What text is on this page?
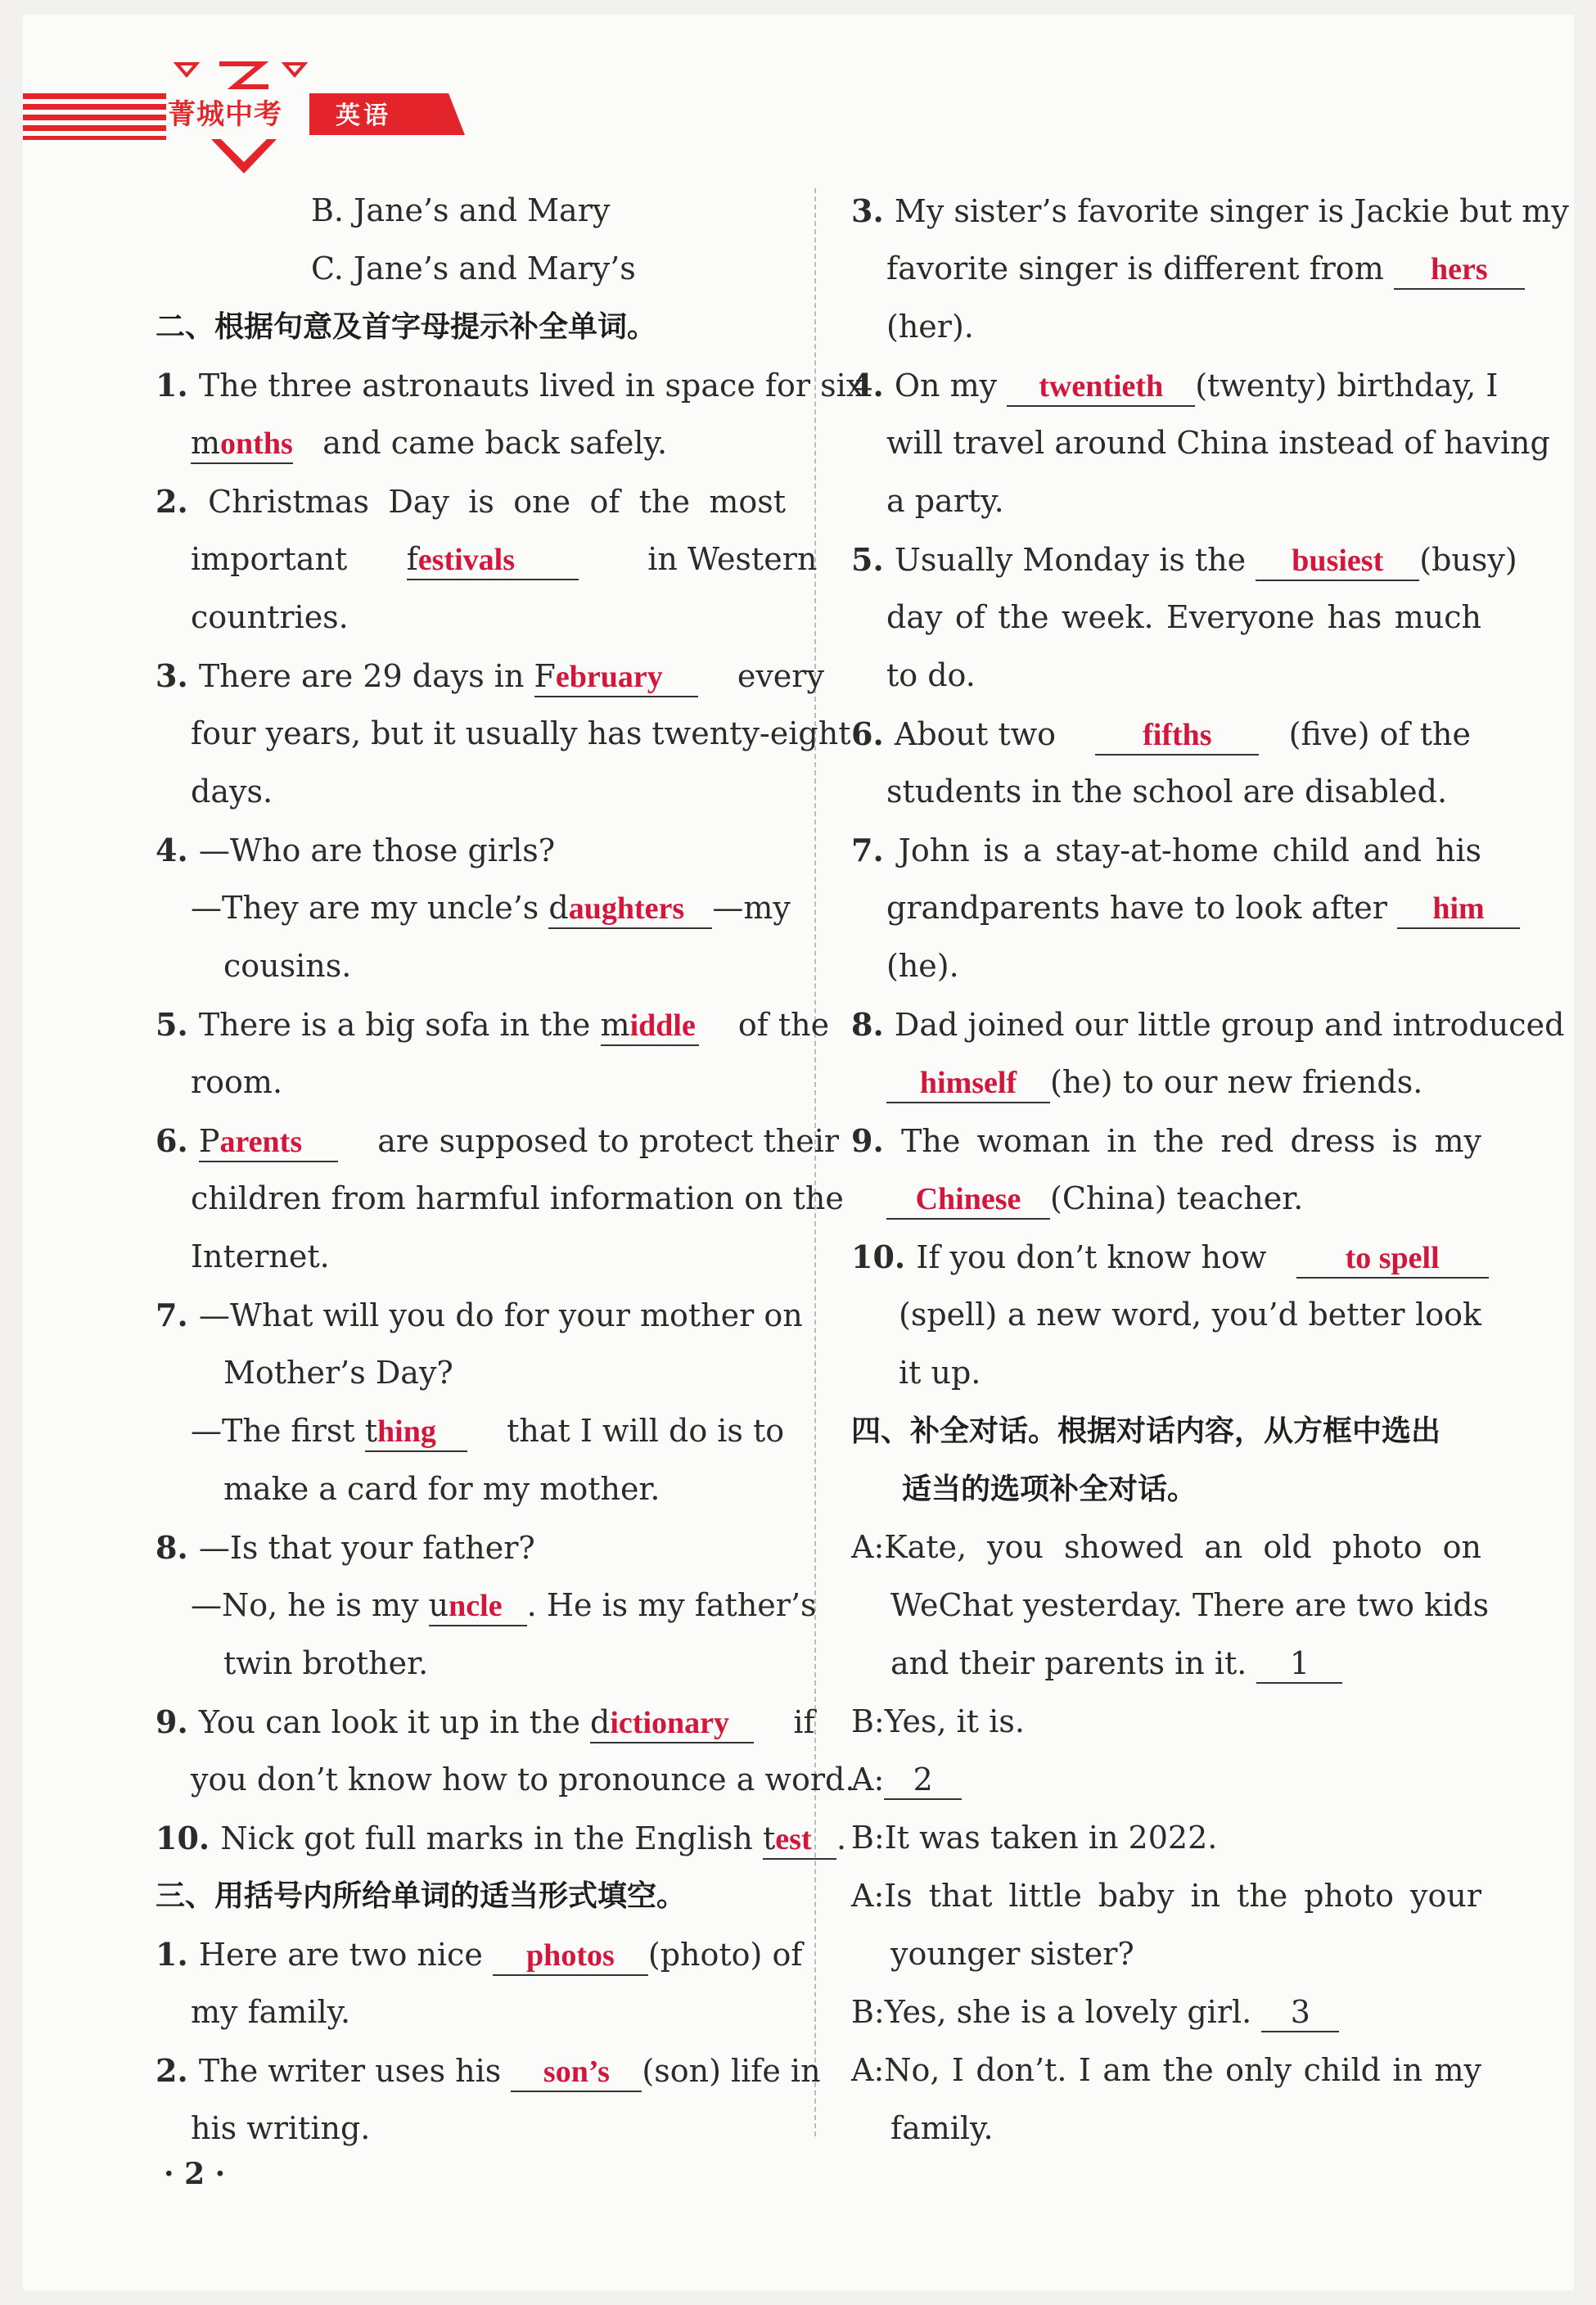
菁城中考 英语
B. Jane’s and Mary
C. Jane’s and Mary’s
二、根据句意及首字母提示补全单词。
1. The three astronauts lived in space for six
months and came back safely.
2. Christmas Day is one of the most
important festivals	in Western
countries.
3. There are 29 days in February every
four years, but it usually has twenty-eight
days.
4. —Who are those girls?
—They are my uncle’s daughters —my
cousins.
5. There is a big sofa in the middle of the
room.
6. Parents are supposed to protect their
children from harmful information on the
Internet.
7. —What will you do for your mother on
Mother’s Day?
—The first thing that I will do is to
make a card for my mother.
8. —Is that your father?
—No, he is my uncle . He is my father’s
twin brother.
9. You can look it up in the dictionary if
you don’t know how to pronounce a word.
10. Nick got full marks in the English test .
三、用括号内所给单词的适当形式填空。
1. Here are two nice photos (photo) of
my family.
2. The writer uses his son’s (son) life in
his writing.
3. My sister’s favorite singer is Jackie but my
favorite singer is different from hers
(her).
4. On my twentieth (twenty) birthday, I
will travel around China instead of having
a party.
5. Usually Monday is the busiest (busy)
day of the week. Everyone has much
to do.
6. About two	fifths (five) of the
students in the school are disabled.
7. John is a stay-at-home child and his
grandparents have to look after him
(he).
8. Dad joined our little group and introduced
himself (he) to our new friends.
9. The woman in the red dress is my
Chinese (China) teacher.
10. If you don’t know how	to spell
(spell) a new word, you’d better look
it up.
四、补全对话。根据对话内容，从方框中选出
适当的选项补全对话。
A:Kate, you showed an old photo on
WeChat yesterday. There are two kids
and their parents in it. 1
B:Yes, it is.
A: 2
B:It was taken in 2022.
A:Is that little baby in the photo your
younger sister?
B:Yes, she is a lovely girl. 3
A:No, I don’t. I am the only child in my
family.
· 2 ·
